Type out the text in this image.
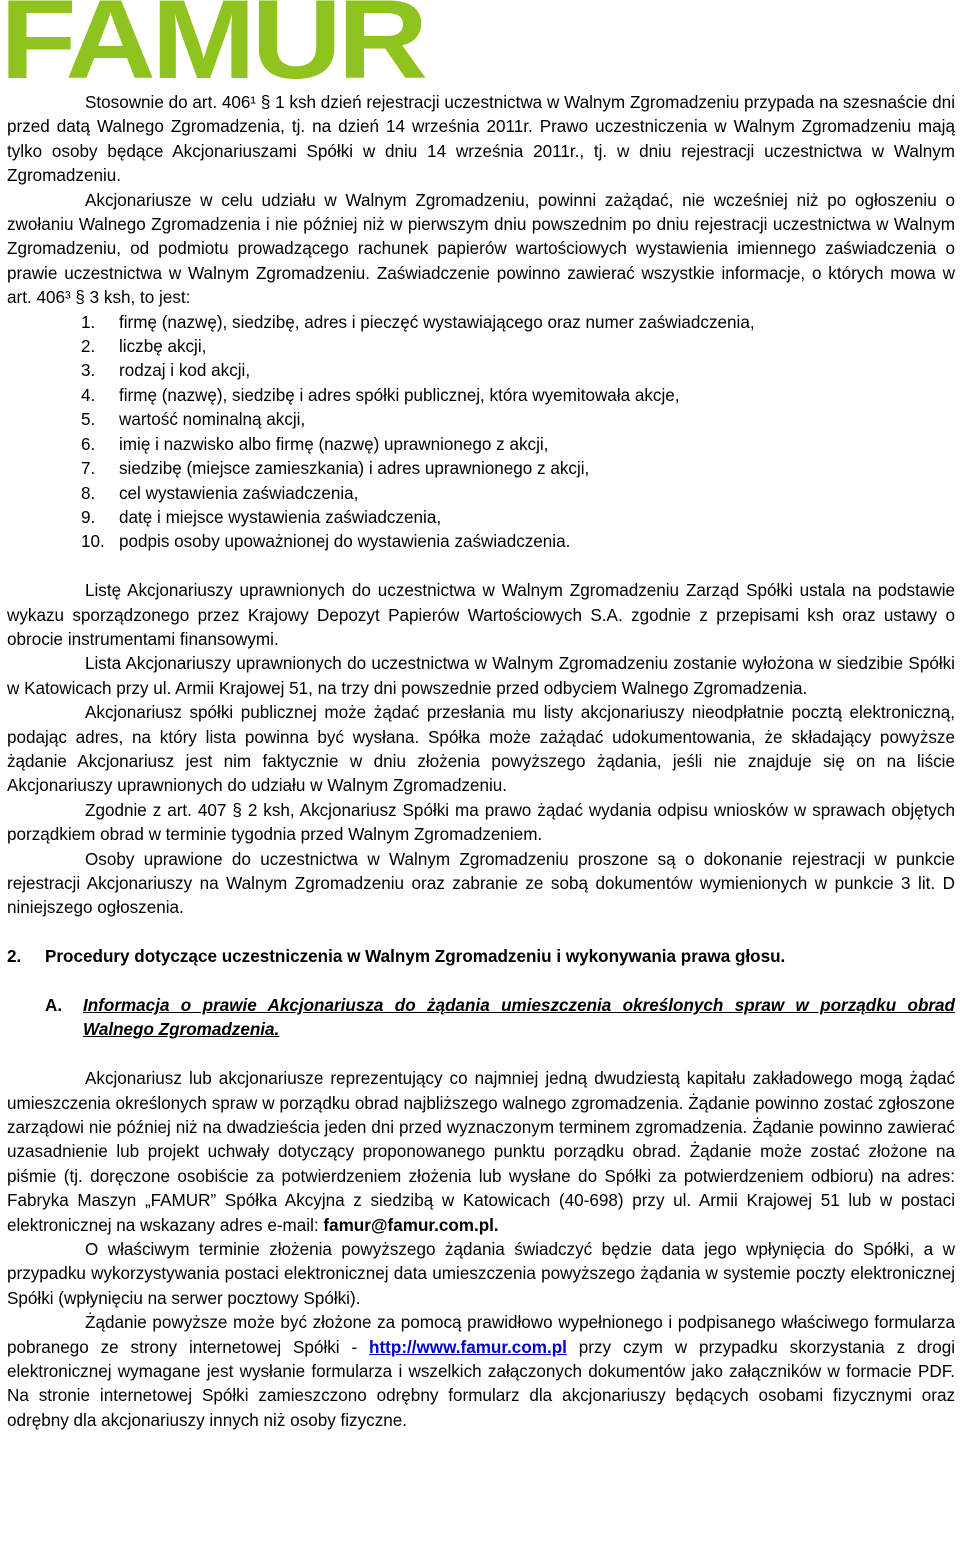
FAMUR

Stosownie do art. 406¹ § 1 ksh dzień rejestracji uczestnictwa w Walnym Zgromadzeniu przypada na szesnaście dni przed datą Walnego Zgromadzenia, tj. na dzień 14 września 2011r. Prawo uczestniczenia w Walnym Zgromadzeniu mają tylko osoby będące Akcjonariuszami Spółki w dniu 14 września 2011r., tj. w dniu rejestracji uczestnictwa w Walnym Zgromadzeniu.

Akcjonariusze w celu udziału w Walnym Zgromadzeniu, powinni zażądać, nie wcześniej niż po ogłoszeniu o zwołaniu Walnego Zgromadzenia i nie później niż w pierwszym dniu powszednim po dniu rejestracji uczestnictwa w Walnym Zgromadzeniu, od podmiotu prowadzącego rachunek papierów wartościowych wystawienia imiennego zaświadczenia o prawie uczestnictwa w Walnym Zgromadzeniu. Zaświadczenie powinno zawierać wszystkie informacje, o których mowa w art. 406³ § 3 ksh, to jest:

1.	firmę (nazwę), siedzibę, adres i pieczęć wystawiającego oraz numer zaświadczenia,
2.	liczbę akcji,
3.	rodzaj i kod akcji,
4.	firmę (nazwę), siedzibę i adres spółki publicznej, która wyemitowała akcje,
5.	wartość nominalną akcji,
6.	imię i nazwisko albo firmę (nazwę) uprawnionego z akcji,
7.	siedzibę (miejsce zamieszkania) i adres uprawnionego z akcji,
8.	cel wystawienia zaświadczenia,
9.	datę i miejsce wystawienia zaświadczenia,
10. podpis osoby upoważnionej do wystawienia zaświadczenia.

Listę Akcjonariuszy uprawnionych do uczestnictwa w Walnym Zgromadzeniu Zarząd Spółki ustala na podstawie wykazu sporządzonego przez Krajowy Depozyt Papierów Wartościowych S.A. zgodnie z przepisami ksh oraz ustawy o obrocie instrumentami finansowymi.

Lista Akcjonariuszy uprawnionych do uczestnictwa w Walnym Zgromadzeniu zostanie wyłożona w siedzibie Spółki w Katowicach przy ul. Armii Krajowej 51, na trzy dni powszednie przed odbyciem Walnego Zgromadzenia.

Akcjonariusz spółki publicznej może żądać przesłania mu listy akcjonariuszy nieodpłatnie pocztą elektroniczną, podając adres, na który lista powinna być wysłana. Spółka może zażądać udokumentowania, że składający powyższe żądanie Akcjonariusz jest nim faktycznie w dniu złożenia powyższego żądania, jeśli nie znajduje się on na liście Akcjonariuszy uprawnionych do udziału w Walnym Zgromadzeniu.

Zgodnie z art. 407 § 2 ksh, Akcjonariusz Spółki ma prawo żądać wydania odpisu wniosków w sprawach objętych porządkiem obrad w terminie tygodnia przed Walnym Zgromadzeniem.

Osoby uprawione do uczestnictwa w Walnym Zgromadzeniu proszone są o dokonanie rejestracji w punkcie rejestracji Akcjonariuszy na Walnym Zgromadzeniu oraz zabranie ze sobą dokumentów wymienionych w punkcie 3 lit. D niniejszego ogłoszenia.

2.	Procedury dotyczące uczestniczenia w Walnym Zgromadzeniu i wykonywania prawa głosu.
A.	Informacja o prawie Akcjonariusza do żądania umieszczenia określonych spraw w porządku obrad Walnego Zgromadzenia.

Akcjonariusz lub akcjonariusze reprezentujący co najmniej jedną dwudziestą kapitału zakładowego mogą żądać umieszczenia określonych spraw w porządku obrad najbliższego walnego zgromadzenia. Żądanie powinno zostać zgłoszone zarządowi nie później niż na dwadzieścia jeden dni przed wyznaczonym terminem zgromadzenia. Żądanie powinno zawierać uzasadnienie lub projekt uchwały dotyczący proponowanego punktu porządku obrad. Żądanie może zostać złożone na piśmie (tj. doręczone osobiście za potwierdzeniem złożenia lub wysłane do Spółki za potwierdzeniem odbioru) na adres: Fabryka Maszyn „FAMUR” Spółka Akcyjna z siedzibą w Katowicach (40-698) przy ul. Armii Krajowej 51 lub w postaci elektronicznej na wskazany adres e-mail: famur@famur.com.pl.

O właściwym terminie złożenia powyższego żądania świadczyć będzie data jego wpłynięcia do Spółki, a w przypadku wykorzystywania postaci elektronicznej data umieszczenia powyższego żądania w systemie poczty elektronicznej Spółki (wpłynięciu na serwer pocztowy Spółki).

Żądanie powyższe może być złożone za pomocą prawidłowo wypełnionego i podpisanego właściwego formularza pobranego ze strony internetowej Spółki - http://www.famur.com.pl przy czym w przypadku skorzystania z drogi elektronicznej wymagane jest wysłanie formularza i wszelkich załączonych dokumentów jako załączników w formacie PDF. Na stronie internetowej Spółki zamieszczono odrębny formularz dla akcjonariuszy będących osobami fizycznymi oraz odrębny dla akcjonariuszy innych niż osoby fizyczne.
